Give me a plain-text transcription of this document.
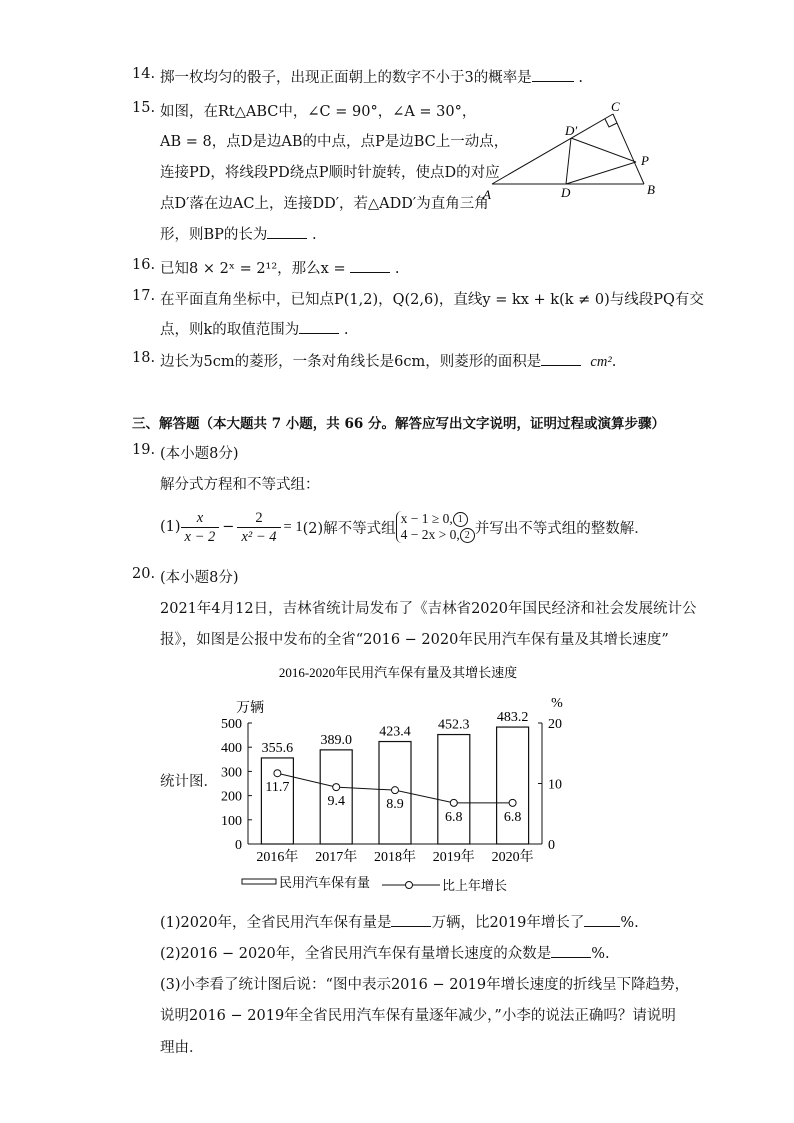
14. 掷一枚均匀的骰子，出现正面朝上的数字不小于3的概率是	.
15. 如图，在Rt△ABC中，∠C = 90°，∠A = 30°，
AB = 8，点D是边AB的中点，点P是边BC上一动点，
连接PD，将线段PD绕点P顺时针旋转，使点D的对应
点D′落在边AC上，连接DD′，若△ADD′为直角三角
形，则BP的长为	.
A	B
C
D
D′
P
16. 已知8 × 2ˣ = 2¹²，那么x =	.
17. 在平面直角坐标中，已知点P(1,2)，Q(2,6)，直线y = kx + k(k ≠ 0)与线段PQ有交
点，则k的取值范围为	.
18. 边长为5cm的菱形，一条对角线长是6cm，则菱形的面积是	cm².
三、解答题（本大题共 7 小题，共 66 分。解答应写出文字说明，证明过程或演算步骤）
19. (本小题8分)
解分式方程和不等式组：
$(1) \frac{x}{x - 2} - \frac{2}{\text{x² − 4}} = 1$ (2)解不等式组
x − 1 ≥ 0, 1
4 − 2x > 0, 2 并写出不等式组的整数解．
20. (本小题8分)
2021年4月12日，吉林省统计局发布了《吉林省2020年国民经济和社会发展统计公
报》，如图是公报中发布的全省“2016 − 2020年民用汽车保有量及其增长速度”
统计图．
2016-2020年民用汽车保有量及其增长速度
万辆	%
0
100
200
300
400
500
0
10
20
355.6
2016年
11.7
389.0
2017年
9.4
423.4
2018年
8.9
452.3
2019年
6.8
483.2
2020年
6.8
民用汽车保有量	比上年增长
(1)2020年，全省民用汽车保有量是	万辆，比2019年增长了 %.
(2)2016 − 2020年，全省民用汽车保有量增长速度的众数是	%.
(3)小李看了统计图后说：“图中表示2016 − 2019年增长速度的折线呈下降趋势，
说明2016 − 2019年全省民用汽车保有量逐年减少，”小李的说法正确吗？请说明
理由．
